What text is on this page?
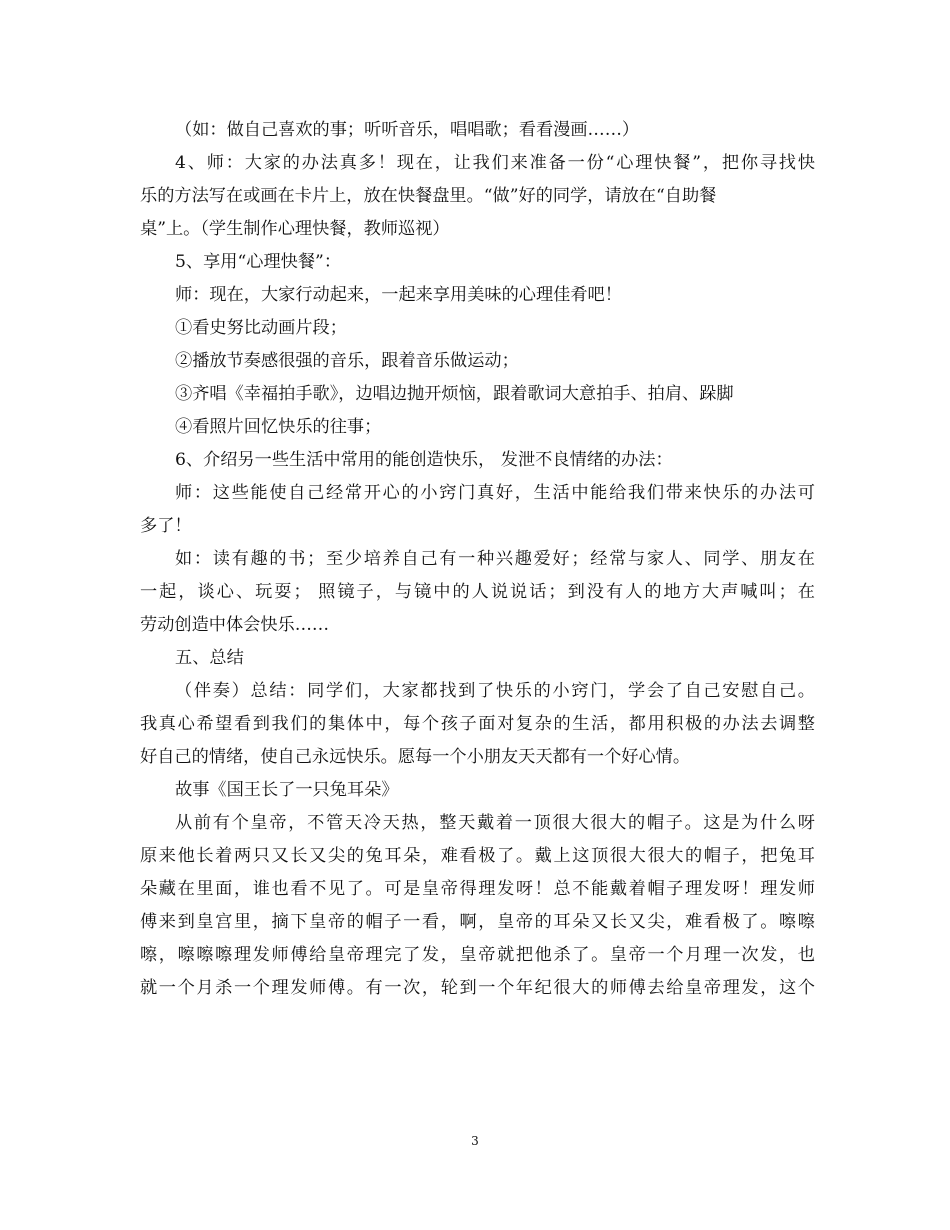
（如：做自己喜欢的事；听听音乐，唱唱歌；看看漫画……）
4、师：大家的办法真多！现在，让我们来准备一份“心理快餐”，把你寻找快
乐的方法写在或画在卡片上，放在快餐盘里。“做”好的同学，请放在“自助餐
桌”上。（学生制作心理快餐，教师巡视）
5、享用“心理快餐”：
师：现在，大家行动起来，一起来享用美味的心理佳肴吧！
①看史努比动画片段；
②播放节奏感很强的音乐，跟着音乐做运动；
③齐唱《幸福拍手歌》，边唱边抛开烦恼，跟着歌词大意拍手、拍肩、跺脚
④看照片回忆快乐的往事；
6、介绍另一些生活中常用的能创造快乐， 发泄不良情绪的办法：
师：这些能使自己经常开心的小窍门真好，生活中能给我们带来快乐的办法可
多了！
如：读有趣的书；至少培养自己有一种兴趣爱好；经常与家人、同学、朋友在
一起，谈心、玩耍； 照镜子，与镜中的人说说话；到没有人的地方大声喊叫；在
劳动创造中体会快乐……
五、总结
（伴奏）总结：同学们，大家都找到了快乐的小窍门，学会了自己安慰自己。
我真心希望看到我们的集体中，每个孩子面对复杂的生活，都用积极的办法去调整
好自己的情绪，使自己永远快乐。愿每一个小朋友天天都有一个好心情。
故事《国王长了一只兔耳朵》
从前有个皇帝，不管天冷天热，整天戴着一顶很大很大的帽子。这是为什么呀
原来他长着两只又长又尖的兔耳朵，难看极了。戴上这顶很大很大的帽子，把兔耳
朵藏在里面，谁也看不见了。可是皇帝得理发呀！总不能戴着帽子理发呀！理发师
傅来到皇宫里，摘下皇帝的帽子一看，啊，皇帝的耳朵又长又尖，难看极了。嚓嚓
嚓，嚓嚓嚓理发师傅给皇帝理完了发，皇帝就把他杀了。皇帝一个月理一次发，也
就一个月杀一个理发师傅。有一次，轮到一个年纪很大的师傅去给皇帝理发，这个
3
